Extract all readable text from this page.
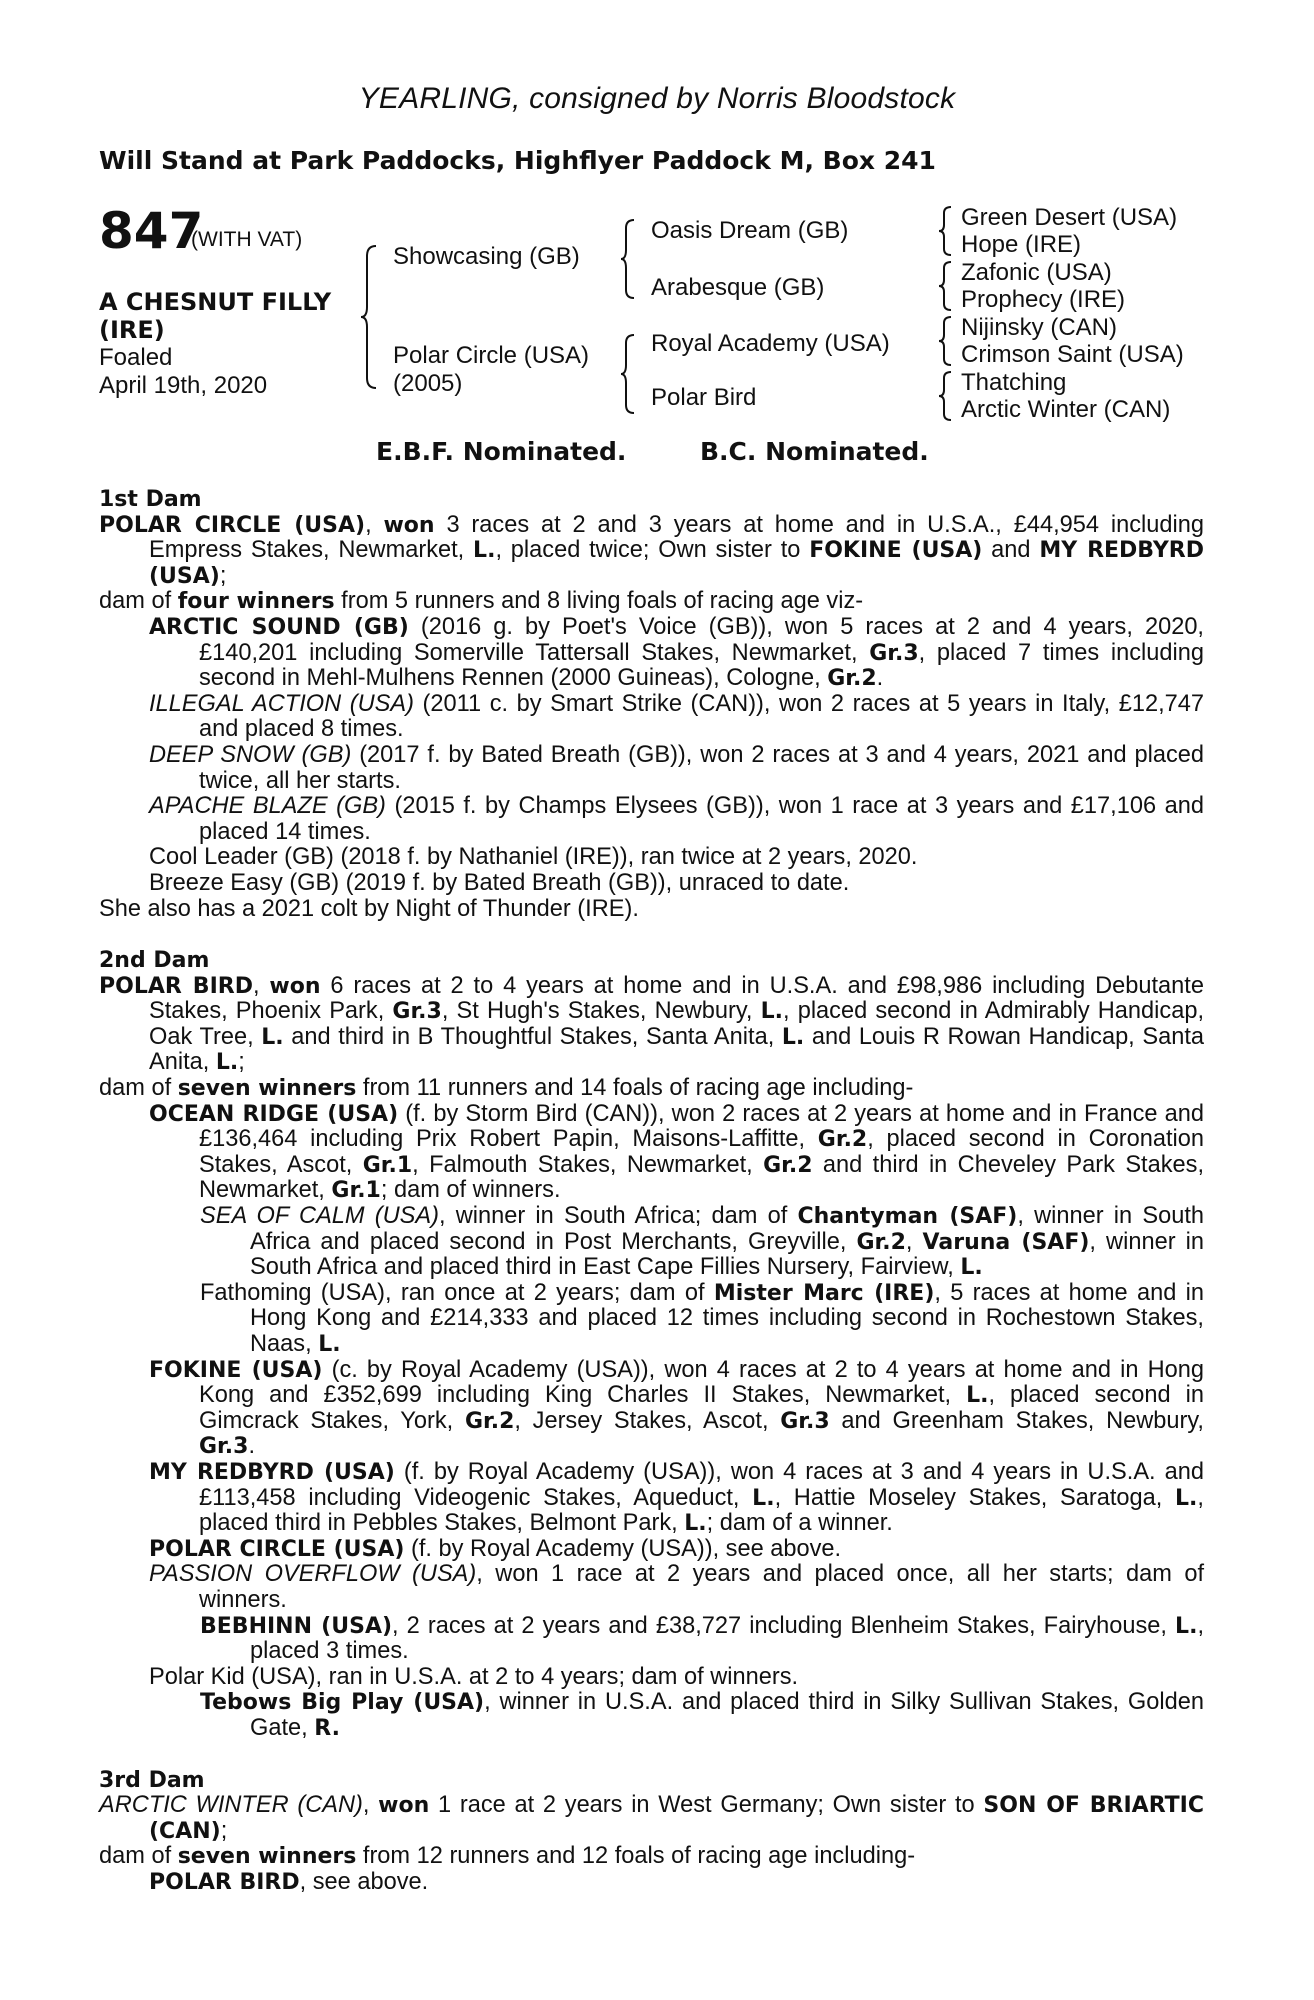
YEARLING, consigned by Norris Bloodstock
Will Stand at Park Paddocks, Highflyer Paddock M, Box 241
847
(WITH VAT)
A CHESNUT FILLY
(IRE)
Foaled
April 19th, 2020
Showcasing (GB)
Polar Circle (USA)
(2005)
Oasis Dream (GB)
Arabesque (GB)
Royal Academy (USA)
Polar Bird
Green Desert (USA)
Hope (IRE)
Zafonic (USA)
Prophecy (IRE)
Nijinsky (CAN)
Crimson Saint (USA)
Thatching
Arctic Winter (CAN)
E.B.F. Nominated.	B.C. Nominated.
1st Dam
POLAR CIRCLE (USA), won 3 races at 2 and 3 years at home and in U.S.A., £44,954 including Empress Stakes, Newmarket, L., placed twice; Own sister to FOKINE (USA) and MY REDBYRD (USA);
dam of four winners from 5 runners and 8 living foals of racing age viz-
ARCTIC SOUND (GB) (2016 g. by Poet's Voice (GB)), won 5 races at 2 and 4 years, 2020, £140,201 including Somerville Tattersall Stakes, Newmarket, Gr.3, placed 7 times including second in Mehl-Mulhens Rennen (2000 Guineas), Cologne, Gr.2.
ILLEGAL ACTION (USA) (2011 c. by Smart Strike (CAN)), won 2 races at 5 years in Italy, £12,747 and placed 8 times.
DEEP SNOW (GB) (2017 f. by Bated Breath (GB)), won 2 races at 3 and 4 years, 2021 and placed twice, all her starts.
APACHE BLAZE (GB) (2015 f. by Champs Elysees (GB)), won 1 race at 3 years and £17,106 and placed 14 times.
Cool Leader (GB) (2018 f. by Nathaniel (IRE)), ran twice at 2 years, 2020.
Breeze Easy (GB) (2019 f. by Bated Breath (GB)), unraced to date.
She also has a 2021 colt by Night of Thunder (IRE).
2nd Dam
POLAR BIRD, won 6 races at 2 to 4 years at home and in U.S.A. and £98,986 including Debutante Stakes, Phoenix Park, Gr.3, St Hugh's Stakes, Newbury, L., placed second in Admirably Handicap, Oak Tree, L. and third in B Thoughtful Stakes, Santa Anita, L. and Louis R Rowan Handicap, Santa Anita, L.;
dam of seven winners from 11 runners and 14 foals of racing age including-
OCEAN RIDGE (USA) (f. by Storm Bird (CAN)), won 2 races at 2 years at home and in France and £136,464 including Prix Robert Papin, Maisons-Laffitte, Gr.2, placed second in Coronation Stakes, Ascot, Gr.1, Falmouth Stakes, Newmarket, Gr.2 and third in Cheveley Park Stakes, Newmarket, Gr.1; dam of winners.
SEA OF CALM (USA), winner in South Africa; dam of Chantyman (SAF), winner in South Africa and placed second in Post Merchants, Greyville, Gr.2, Varuna (SAF), winner in South Africa and placed third in East Cape Fillies Nursery, Fairview, L.
Fathoming (USA), ran once at 2 years; dam of Mister Marc (IRE), 5 races at home and in Hong Kong and £214,333 and placed 12 times including second in Rochestown Stakes, Naas, L.
FOKINE (USA) (c. by Royal Academy (USA)), won 4 races at 2 to 4 years at home and in Hong Kong and £352,699 including King Charles II Stakes, Newmarket, L., placed second in Gimcrack Stakes, York, Gr.2, Jersey Stakes, Ascot, Gr.3 and Greenham Stakes, Newbury, Gr.3.
MY REDBYRD (USA) (f. by Royal Academy (USA)), won 4 races at 3 and 4 years in U.S.A. and £113,458 including Videogenic Stakes, Aqueduct, L., Hattie Moseley Stakes, Saratoga, L., placed third in Pebbles Stakes, Belmont Park, L.; dam of a winner.
POLAR CIRCLE (USA) (f. by Royal Academy (USA)), see above.
PASSION OVERFLOW (USA), won 1 race at 2 years and placed once, all her starts; dam of winners.
BEBHINN (USA), 2 races at 2 years and £38,727 including Blenheim Stakes, Fairyhouse, L., placed 3 times.
Polar Kid (USA), ran in U.S.A. at 2 to 4 years; dam of winners.
Tebows Big Play (USA), winner in U.S.A. and placed third in Silky Sullivan Stakes, Golden Gate, R.
3rd Dam
ARCTIC WINTER (CAN), won 1 race at 2 years in West Germany; Own sister to SON OF BRIARTIC (CAN);
dam of seven winners from 12 runners and 12 foals of racing age including-
POLAR BIRD, see above.
